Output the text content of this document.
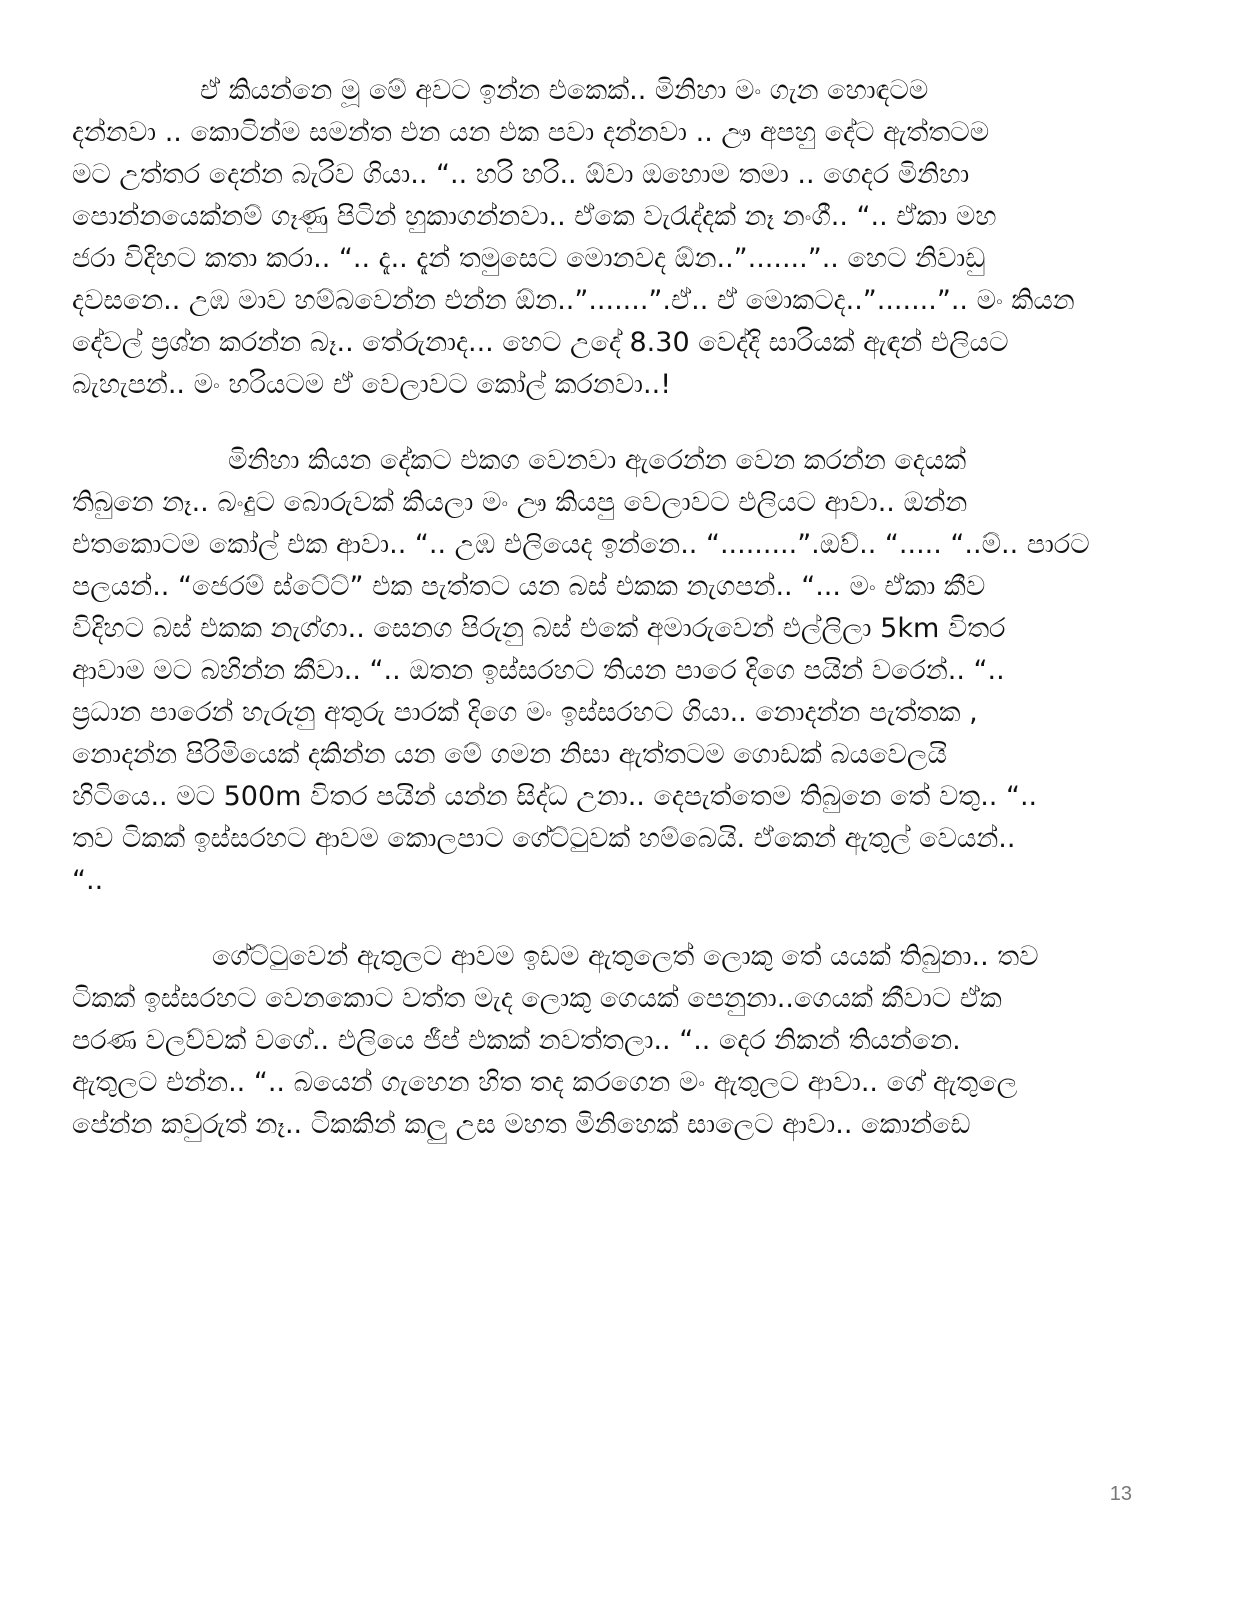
ඒ කියන්නෙ මූ මේ අවට ඉන්න එකෙක්.. මිනිහා මං ගැන හොඳටම
දන්නවා .. කොටින්ම සමන්ත එන යන එක පවා දන්නවා .. ඌ අපහු දේට ඇත්තටම
මට උත්තර දෙන්න බැරිව ගියා.. “.. හරි හරි.. ඕවා ඔහොම තමා .. ගෙදර මිනිහා
පොන්නයෙක්නම් ගෑණු පිටින් හුකාගන්නවා.. ඒකෙ වැරැද්දක් නෑ නංගී.. “.. ඒකා මහ
ජරා විදිහට කතා කරා.. “.. දැ.. දැන් තමුසෙට මොනවද ඕන..”.......”.. හෙට නිවාඩු
දවසනෙ.. උඹ මාව හම්බවෙන්න එන්න ඕන..”.......”.ඒ.. ඒ මොකටද..”.......”.. මං කියන
දේවල් ප්‍රශ්න කරන්න බෑ.. තේරුනාද... හෙට උදේ 8.30 වෙද්දි සාරියක් ඇඳන් එලියට
බැහැපන්.. මං හරියටම ඒ වෙලාවට කෝල් කරනවා..!

මිනිහා කියන දේකට එකග වෙනවා ඇරෙන්න වෙන කරන්න දෙයක්
තිබුනෙ නෑ.. බංදුට බොරුවක් කියලා මං ඌ කියපු වෙලාවට එලියට ආවා.. ඔන්න
එතකොටම කෝල් එක ආවා.. “.. උඹ එලියෙද ඉන්නෙ.. “.........”.ඔව්.. “..... “..ම්.. පාරට
පලයන්.. “ජෙරම් ස්ටේට්” එක පැත්තට යන බස් එකක නැගපන්.. “... මං ඒකා කීව
විදිහට බස් එකක නැග්ගා.. සෙනග පිරුනු බස් එකේ අමාරුවෙන් එල්ලිලා 5km විතර
ආවාම මට බහින්න කීවා.. “.. ඔතන ඉස්සරහට තියන පාරෙ දිගෙ පයින් වරෙන්.. “..
ප්‍රධාන පාරෙන් හැරුනු අතුරු පාරක් දිගෙ මං ඉස්සරහට ගියා.. නොදන්න පැත්තක ,
නොදන්න පිරිමියෙක් දකින්න යන මේ ගමන නිසා ඇත්තටම ගොඩක් බයවෙලයි
හිටියෙ.. මට 500m විතර පයින් යන්න සිද්ධ උනා.. දෙපැත්තෙම තිබුනෙ තේ වතු.. “..
තව ටිකක් ඉස්සරහට ආවම කොලපාට ගේට්ටුවක් හම්බෙයි. ඒකෙන් ඇතුල් වෙයන්..
“..

ගේට්ටුවෙන් ඇතුලට ආවම ඉඩම ඇතුලෙත් ලොකු තේ යයක් තිබුනා.. තව
ටිකක් ඉස්සරහට වෙනකොට වත්ත මැද ලොකු ගෙයක් පෙනුනා..ගෙයක් කීවාට ඒක
පරණ වලව්වක් වගේ.. එලියෙ ජීප් එකක් නවත්තලා.. “.. දෙර නිකන් තියන්නෙ.
ඇතුලට එන්න.. “.. බයෙන් ගැහෙන හිත තද කරගෙන මං ඇතුලට ආවා.. ගේ ඇතුලෙ
පේන්න කවුරුත් නෑ.. ටිකකින් කලු උස මහත මිනිහෙක් සාලෙට ආවා.. කොන්ඩෙ

13
